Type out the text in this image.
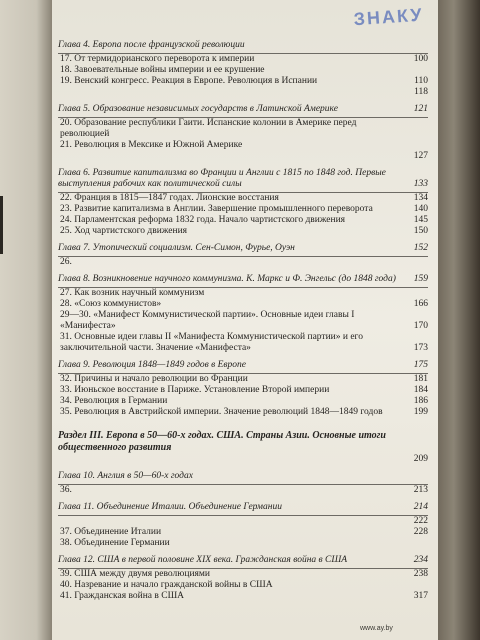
ЗНАКУ
Глава 4. Европа после французской революции
17. От термидорианского переворота к империи	100
18. Завоевательные войны империи и ее крушение
19. Венский конгресс. Реакция в Европе. Революция в Испании	110
118
Глава 5. Образование независимых государств в Латинской Америке	121
20. Образование республики Гаити. Испанские колонии в Америке перед революцией
21. Революция в Мексике и Южной Америке
127
Глава 6. Развитие капитализма во Франции и Англии с 1815 по 1848 год. Первые выступления рабочих как политической силы	133
22. Франция в 1815—1847 годах. Лионские восстания	134
23. Развитие капитализма в Англии. Завершение промышленного переворота	140
24. Парламентская реформа 1832 года. Начало чартистского движения	145
25. Ход чартистского движения	150
Глава 7. Утопический социализм. Сен-Симон, Фурье, Оуэн	152
26.
Глава 8. Возникновение научного коммунизма. К. Маркс и Ф. Энгельс (до 1848 года)	159
27. Как возник научный коммунизм
28. «Союз коммунистов»	166
29—30. «Манифест Коммунистической партии». Основные идеи главы I «Манифеста»	170
31. Основные идеи главы II «Манифеста Коммунистической партии» и его заключительной части. Значение «Манифеста»	173
Глава 9. Революция 1848—1849 годов в Европе	175
32. Причины и начало революции во Франции	181
33. Июньское восстание в Париже. Установление Второй империи	184
34. Революция в Германии	186
35. Революция в Австрийской империи. Значение революций 1848—1849 годов	199
Раздел III. Европа в 50—60-х годах. США. Страны Азии. Основные итоги общественного развития
209
Глава 10. Англия в 50—60-х годах
36.	213
Глава 11. Объединение Италии. Объединение Германии	214
222
37. Объединение Италии	228
38. Объединение Германии
Глава 12. США в первой половине XIX века. Гражданская война в США	234
39. США между двумя революциями	238
40. Назревание и начало гражданской войны в США
41. Гражданская война в США	317
www.ay.by
